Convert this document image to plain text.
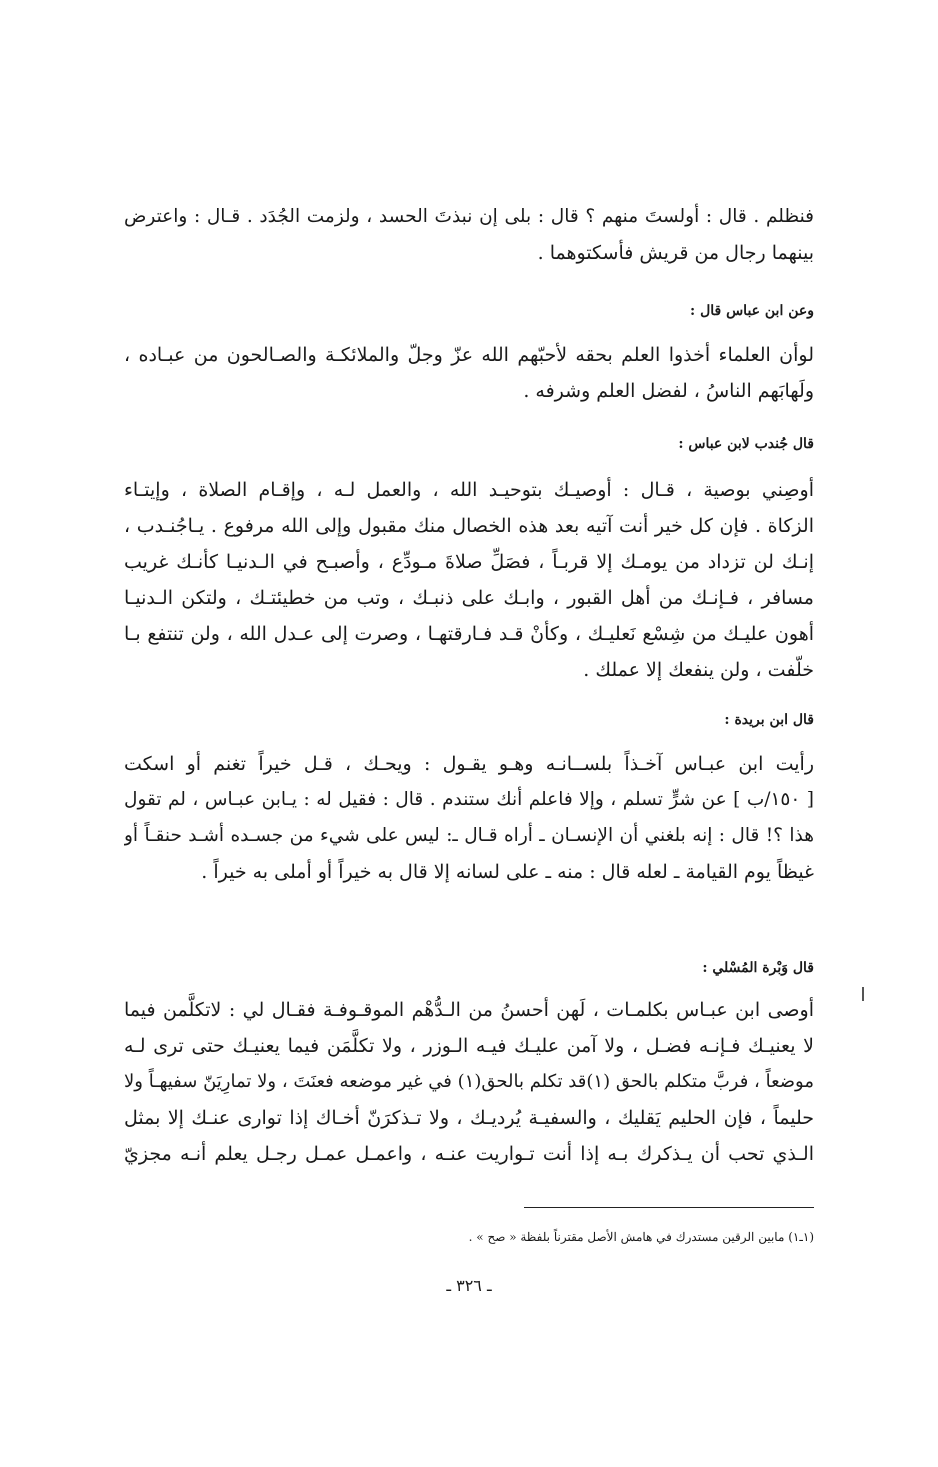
فنظلم . قال : أولستَ منهم ؟ قال : بلى إن نبذتَ الحسد ، ولزمت الجُدَد . قـال : واعترض
بينهما رجال من قريش فأسكتوهما .
وعن ابن عباس قال :
لوأن العلماء أخذوا العلم بحقه لأحبّهم الله عزّ وجلّ والملائكـة والصـالحون من عبـاده ،
ولَهابَهم الناسُ ، لفضل العلم وشرفه .
قال جُندب لابن عباس :
أوصِني بوصية ، قـال : أوصيـك بتوحيـد الله ، والعمل لـه ، وإقـام الصلاة ، وإيتـاء
الزكاة . فإن كل خير أنت آتيه بعد هذه الخصال منك مقبول وإلى الله مرفوع . يـاجُنـدب ،
إنـك لن تزداد من يومـك إلا قربـاً ، فصَلِّ صلاةَ مـودِّع ، وأصبـح في الـدنيـا كأنـك غريب
مسافر ، فـإنـك من أهل القبور ، وابـك على ذنبـك ، وتب من خطيئتـك ، ولتكن الـدنيـا
أهون عليـك من شِسْع نَعليـك ، وكأنْ قـد فـارقتهـا ، وصرت إلى عـدل الله ، ولن تنتفع بـا
خلّفت ، ولن ينفعك إلا عملك .
قال ابن بريدة :
رأيت ابن عبـاس آخـذاً بلســانـه وهـو يقـول : ويحـك ، قـل خيراً تغنم أو اسكت
[ ١٥٠/ب ] عن شرٍّ تسلم ، وإلا فاعلم أنك ستندم . قال : فقيل له : يـابن عبـاس ، لم تقول
هذا ؟! قال : إنه بلغني أن الإنسـان ـ أراه قـال ـ: ليس على شيء من جسـده أشـد حنقـاً أو
غيظاً يوم القيامة ـ لعله قال : منه ـ على لسانه إلا قال به خيراً أو أملى به خيراً .
قال وَبْرة المُسْلي :
أوصى ابن عبـاس بكلمـات ، لَهن أحسنُ من الـدُّهْم الموقـوفـة فقـال لي : لاتكلَّمن فيما
لا يعنيـك فـإنـه فضـل ، ولا آمن عليـك فيـه الـوزر ، ولا تكلَّمَن فيما يعنيـك حتى ترى لـه
موضعاً ، فربَّ متكلم بالحق (١)قد تكلم بالحق(١) في غير موضعه فعنَتَ ، ولا تمارِيَنّ سفيهـاً ولا
حليماً ، فإن الحليم يَقليك ، والسفيـة يُرديـك ، ولا تـذكرَنّ أخـاك إذا توارى عنـك إلا بمثل
الـذي تحب أن يـذكرك بـه إذا أنت تـواريت عنـه ، واعمـل عمـل رجـل يعلم أنـه مجزيّ
(١ـ١) مابين الرقين مستدرك في هامش الأصل مقترناً بلفظة « صح » .
ـ ٣٢٦ ـ
